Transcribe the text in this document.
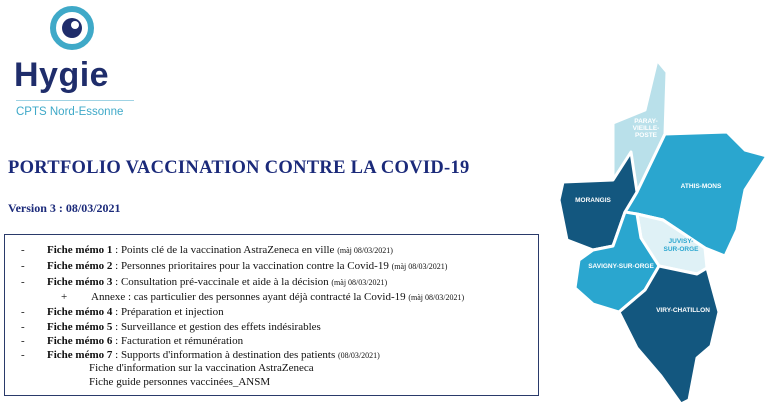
Hygie
CPTS Nord-Essonne
PORTFOLIO VACCINATION CONTRE LA COVID-19
Version 3 : 08/03/2021
- Fiche mémo 1 : Points clé de la vaccination AstraZeneca en ville (màj 08/03/2021)
- Fiche mémo 2 : Personnes prioritaires pour la vaccination contre la Covid-19 (màj 08/03/2021)
- Fiche mémo 3 : Consultation pré-vaccinale et aide à la décision (màj 08/03/2021)
+ Annexe : cas particulier des personnes ayant déjà contracté la Covid-19 (màj 08/03/2021)
- Fiche mémo 4 : Préparation et injection
- Fiche mémo 5 : Surveillance et gestion des effets indésirables
- Fiche mémo 6 : Facturation et rémunération
- Fiche mémo 7 : Supports d'information à destination des patients (08/03/2021)
Fiche d'information sur la vaccination AstraZeneca
Fiche guide personnes vaccinées_ANSM
PARAY-
VIEILLE-
POSTE
ATHIS-MONS
MORANGIS
JUVISY-
SUR-ORGE
SAVIGNY-SUR-ORGE
VIRY-CHATILLON
